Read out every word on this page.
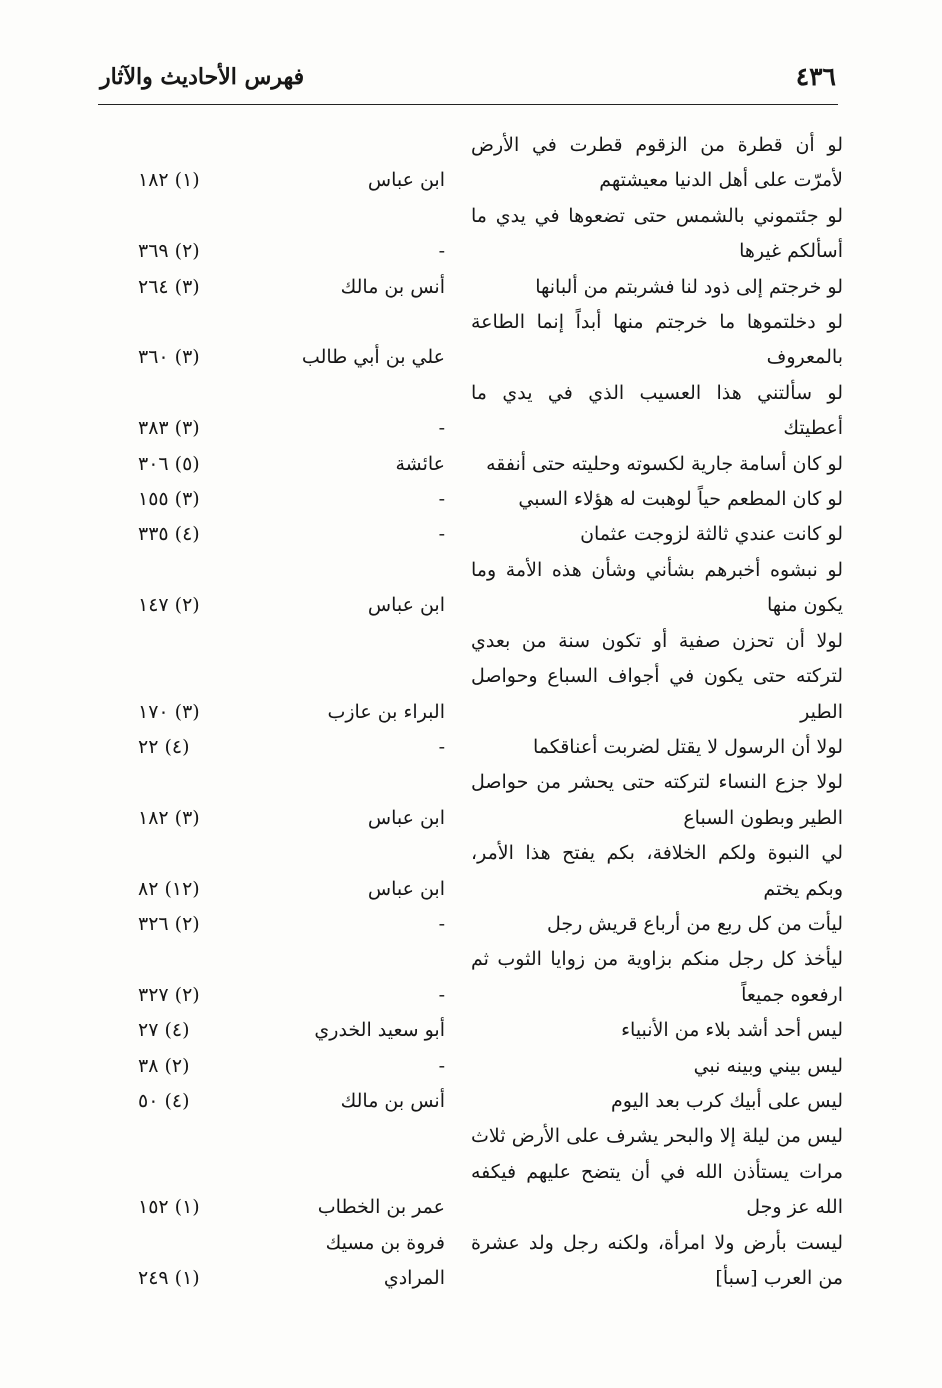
٤٣٦
فهرس الأحاديث والآثار
لو أن قطرة من الزقوم قطرت في الأرض لأمرّت على أهل الدنيا معيشتهم
ابن عباس
(١) ١٨٢
لو جئتموني بالشمس حتى تضعوها في يدي ما أسألكم غيرها
-
(٢) ٣٦٩
لو خرجتم إلى ذود لنا فشربتم من ألبانها
أنس بن مالك
(٣) ٢٦٤
لو دخلتموها ما خرجتم منها أبداً إنما الطاعة بالمعروف
علي بن أبي طالب
(٣) ٣٦٠
لو سألتني هذا العسيب الذي في يدي ما أعطيتك
-
(٣) ٣٨٣
لو كان أسامة جارية لكسوته وحليته حتى أنفقه
عائشة
(٥) ٣٠٦
لو كان المطعم حياً لوهبت له هؤلاء السبي
-
(٣) ١٥٥
لو كانت عندي ثالثة لزوجت عثمان
-
(٤) ٣٣٥
لو نبشوه أخبرهم بشأني وشأن هذه الأمة وما يكون منها
ابن عباس
(٢) ١٤٧
لولا أن تحزن صفية أو تكون سنة من بعدي لتركته حتى يكون في أجواف السباع وحواصل الطير
البراء بن عازب
(٣) ١٧٠
لولا أن الرسول لا يقتل لضربت أعناقكما
-
(٤) ٢٢
لولا جزع النساء لتركته حتى يحشر من حواصل الطير وبطون السباع
ابن عباس
(٣) ١٨٢
لي النبوة ولكم الخلافة، بكم يفتح هذا الأمر، وبكم يختم
ابن عباس
(١٢) ٨٢
ليأت من كل ربع من أرباع قريش رجل
-
(٢) ٣٢٦
ليأخذ كل رجل منكم بزاوية من زوايا الثوب ثم ارفعوه جميعاً
-
(٢) ٣٢٧
ليس أحد أشد بلاء من الأنبياء
أبو سعيد الخدري
(٤) ٢٧
ليس بيني وبينه نبي
-
(٢) ٣٨
ليس على أبيك كرب بعد اليوم
أنس بن مالك
(٤) ٥٠
ليس من ليلة إلا والبحر يشرف على الأرض ثلاث مرات يستأذن الله في أن يتضح عليهم فيكفه الله عز وجل
عمر بن الخطاب
(١) ١٥٢
ليست بأرض ولا امرأة، ولكنه رجل ولد عشرة من العرب [سبأ]
فروة بن مسيك المرادي
(١) ٢٤٩
